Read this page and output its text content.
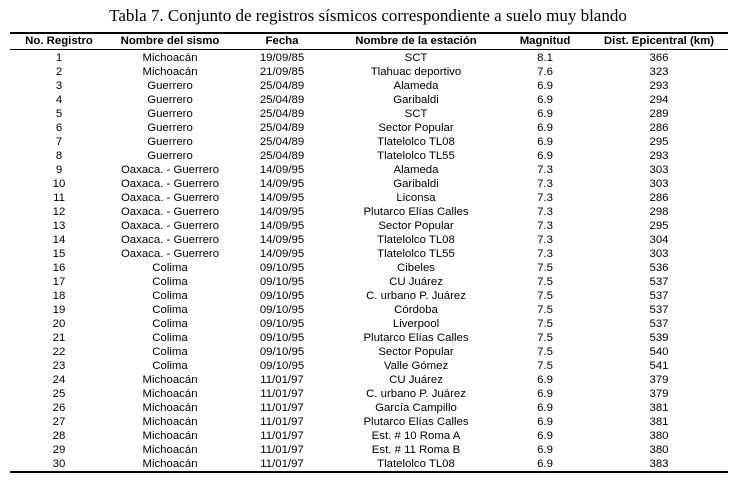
Tabla 7. Conjunto de registros sísmicos correspondiente a suelo muy blando
No. Registro	Nombre del sismo	Fecha	Nombre de la estación	Magnitud	Dist. Epicentral (km)
1	Michoacán	19/09/85	SCT	8.1	366
2	Michoacán	21/09/85	Tlahuac deportivo	7.6	323
3	Guerrero	25/04/89	Alameda	6.9	293
4	Guerrero	25/04/89	Garibaldi	6.9	294
5	Guerrero	25/04/89	SCT	6.9	289
6	Guerrero	25/04/89	Sector Popular	6.9	286
7	Guerrero	25/04/89	Tlatelolco TL08	6.9	295
8	Guerrero	25/04/89	Tlatelolco TL55	6.9	293
9	Oaxaca. - Guerrero	14/09/95	Alameda	7.3	303
10	Oaxaca. - Guerrero	14/09/95	Garibaldi	7.3	303
11	Oaxaca. - Guerrero	14/09/95	Liconsa	7.3	286
12	Oaxaca. - Guerrero	14/09/95	Plutarco Elías Calles	7.3	298
13	Oaxaca. - Guerrero	14/09/95	Sector Popular	7.3	295
14	Oaxaca. - Guerrero	14/09/95	Tlatelolco TL08	7.3	304
15	Oaxaca. - Guerrero	14/09/95	Tlatelolco TL55	7.3	303
16	Colima	09/10/95	Cibeles	7.5	536
17	Colima	09/10/95	CU Juárez	7.5	537
18	Colima	09/10/95	C. urbano P. Juárez	7.5	537
19	Colima	09/10/95	Córdoba	7.5	537
20	Colima	09/10/95	Liverpool	7.5	537
21	Colima	09/10/95	Plutarco Elías Calles	7.5	539
22	Colima	09/10/95	Sector Popular	7.5	540
23	Colima	09/10/95	Valle Gómez	7.5	541
24	Michoacán	11/01/97	CU Juárez	6.9	379
25	Michoacán	11/01/97	C. urbano P. Juárez	6.9	379
26	Michoacán	11/01/97	García Campillo	6.9	381
27	Michoacán	11/01/97	Plutarco Elías Calles	6.9	381
28	Michoacán	11/01/97	Est. # 10 Roma A	6.9	380
29	Michoacán	11/01/97	Est. # 11 Roma B	6.9	380
30	Michoacán	11/01/97	Tlatelolco TL08	6.9	383
